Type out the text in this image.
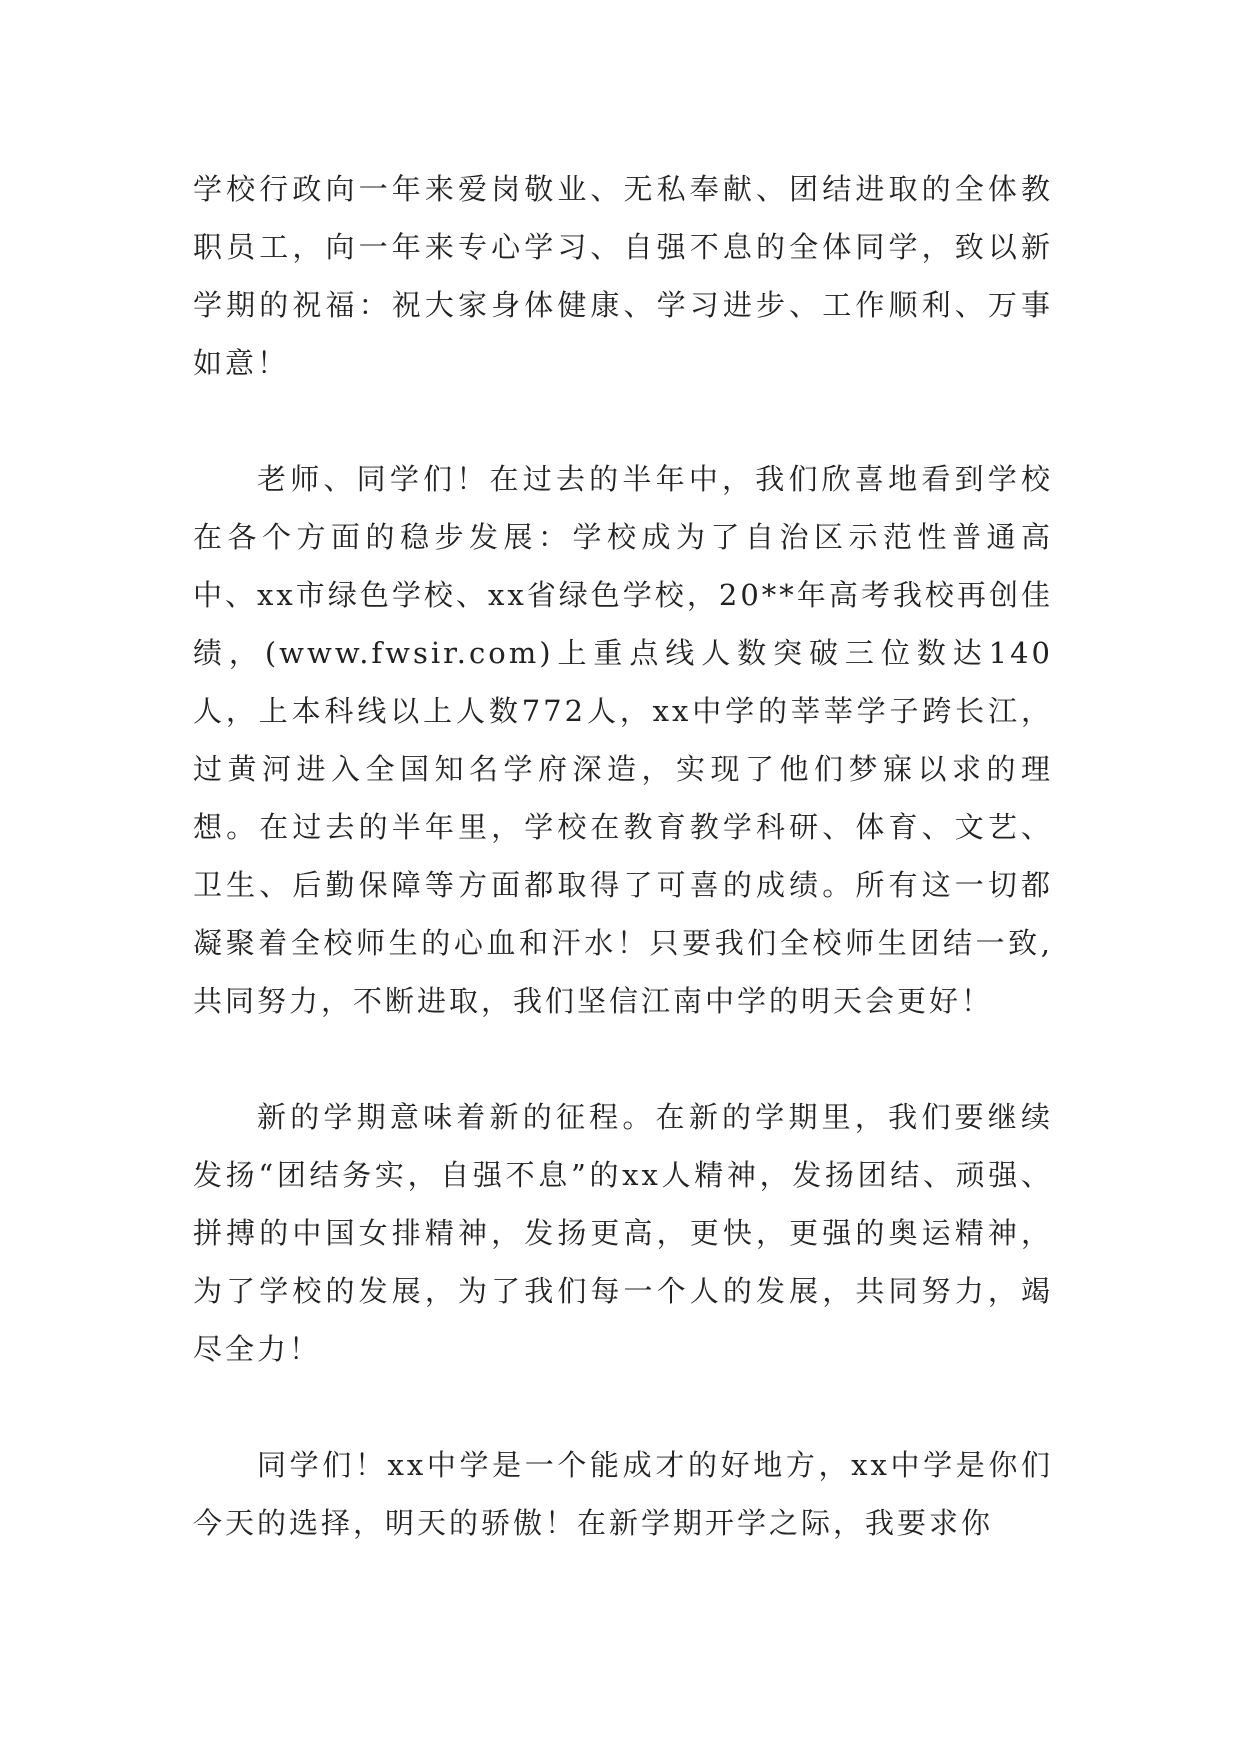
学校行政向一年来爱岗敬业、无私奉献、团结进取的全体教职员工，向一年来专心学习、自强不息的全体同学，致以新学期的祝福：祝大家身体健康、学习进步、工作顺利、万事如意！

老师、同学们！在过去的半年中，我们欣喜地看到学校在各个方面的稳步发展：学校成为了自治区示范性普通高中、xx市绿色学校、xx省绿色学校，20**年高考我校再创佳绩，(www.fwsir.com)上重点线人数突破三位数达140人，上本科线以上人数772人，xx中学的莘莘学子跨长江，过黄河进入全国知名学府深造，实现了他们梦寐以求的理想。在过去的半年里，学校在教育教学科研、体育、文艺、卫生、后勤保障等方面都取得了可喜的成绩。所有这一切都凝聚着全校师生的心血和汗水！只要我们全校师生团结一致,共同努力，不断进取，我们坚信江南中学的明天会更好！

新的学期意味着新的征程。在新的学期里，我们要继续发扬“团结务实，自强不息”的xx人精神，发扬团结、顽强、拼搏的中国女排精神，发扬更高，更快，更强的奥运精神，为了学校的发展，为了我们每一个人的发展，共同努力，竭尽全力！

同学们！xx中学是一个能成才的好地方，xx中学是你们今天的选择，明天的骄傲！在新学期开学之际，我要求你
